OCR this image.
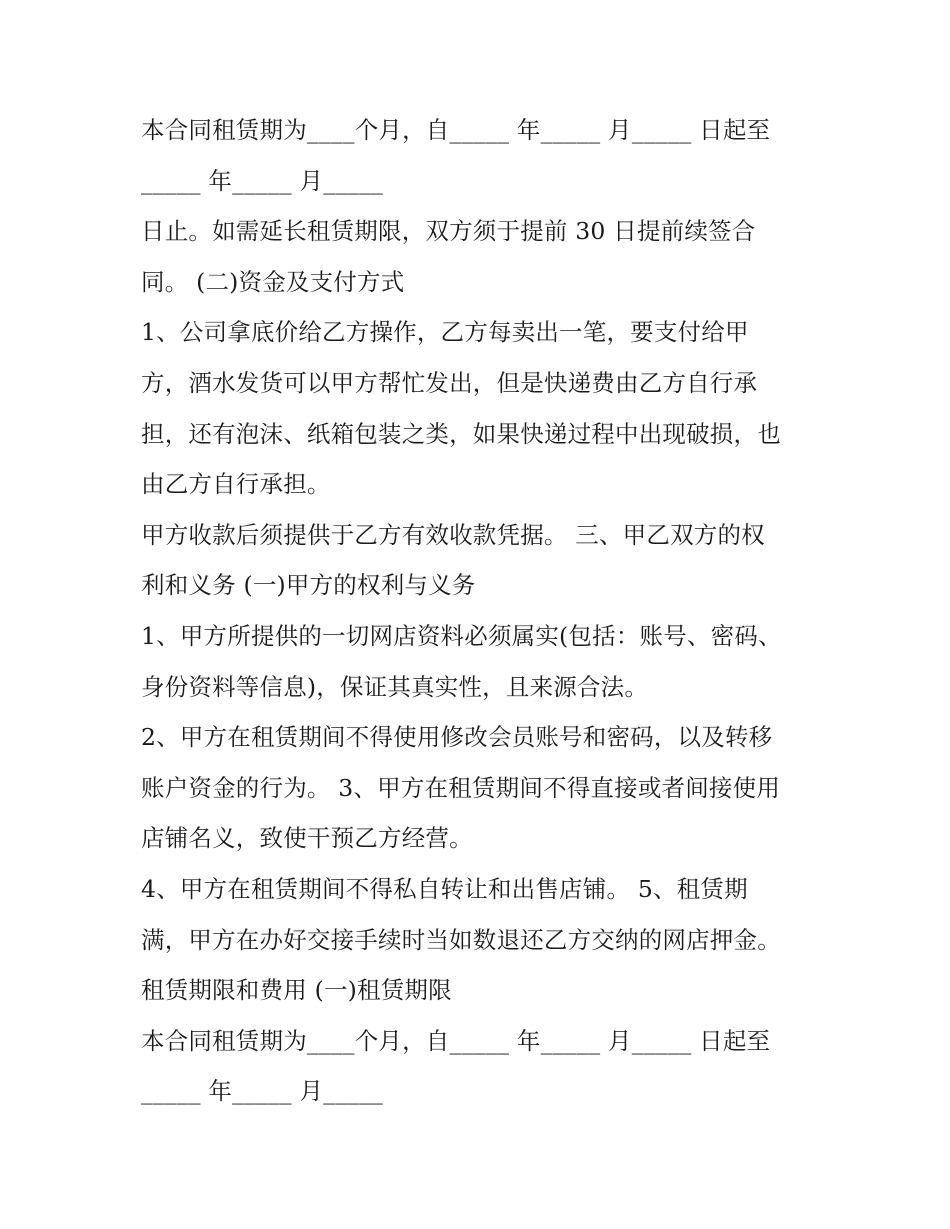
本合同租赁期为____个月，自_____ 年_____ 月_____ 日起至
_____ 年_____ 月_____
日止。如需延长租赁期限，双方须于提前 30 日提前续签合
同。 (二)资金及支付方式
1、公司拿底价给乙方操作，乙方每卖出一笔，要支付给甲
方，酒水发货可以甲方帮忙发出，但是快递费由乙方自行承
担，还有泡沫、纸箱包装之类，如果快递过程中出现破损，也
由乙方自行承担。
甲方收款后须提供于乙方有效收款凭据。 三、甲乙双方的权
利和义务 (一)甲方的权利与义务
1、甲方所提供的一切网店资料必须属实(包括：账号、密码、
身份资料等信息)，保证其真实性，且来源合法。
2、甲方在租赁期间不得使用修改会员账号和密码，以及转移
账户资金的行为。 3、甲方在租赁期间不得直接或者间接使用
店铺名义，致使干预乙方经营。
4、甲方在租赁期间不得私自转让和出售店铺。 5、租赁期
满，甲方在办好交接手续时当如数退还乙方交纳的网店押金。
租赁期限和费用 (一)租赁期限
本合同租赁期为____个月，自_____ 年_____ 月_____ 日起至
_____ 年_____ 月_____
